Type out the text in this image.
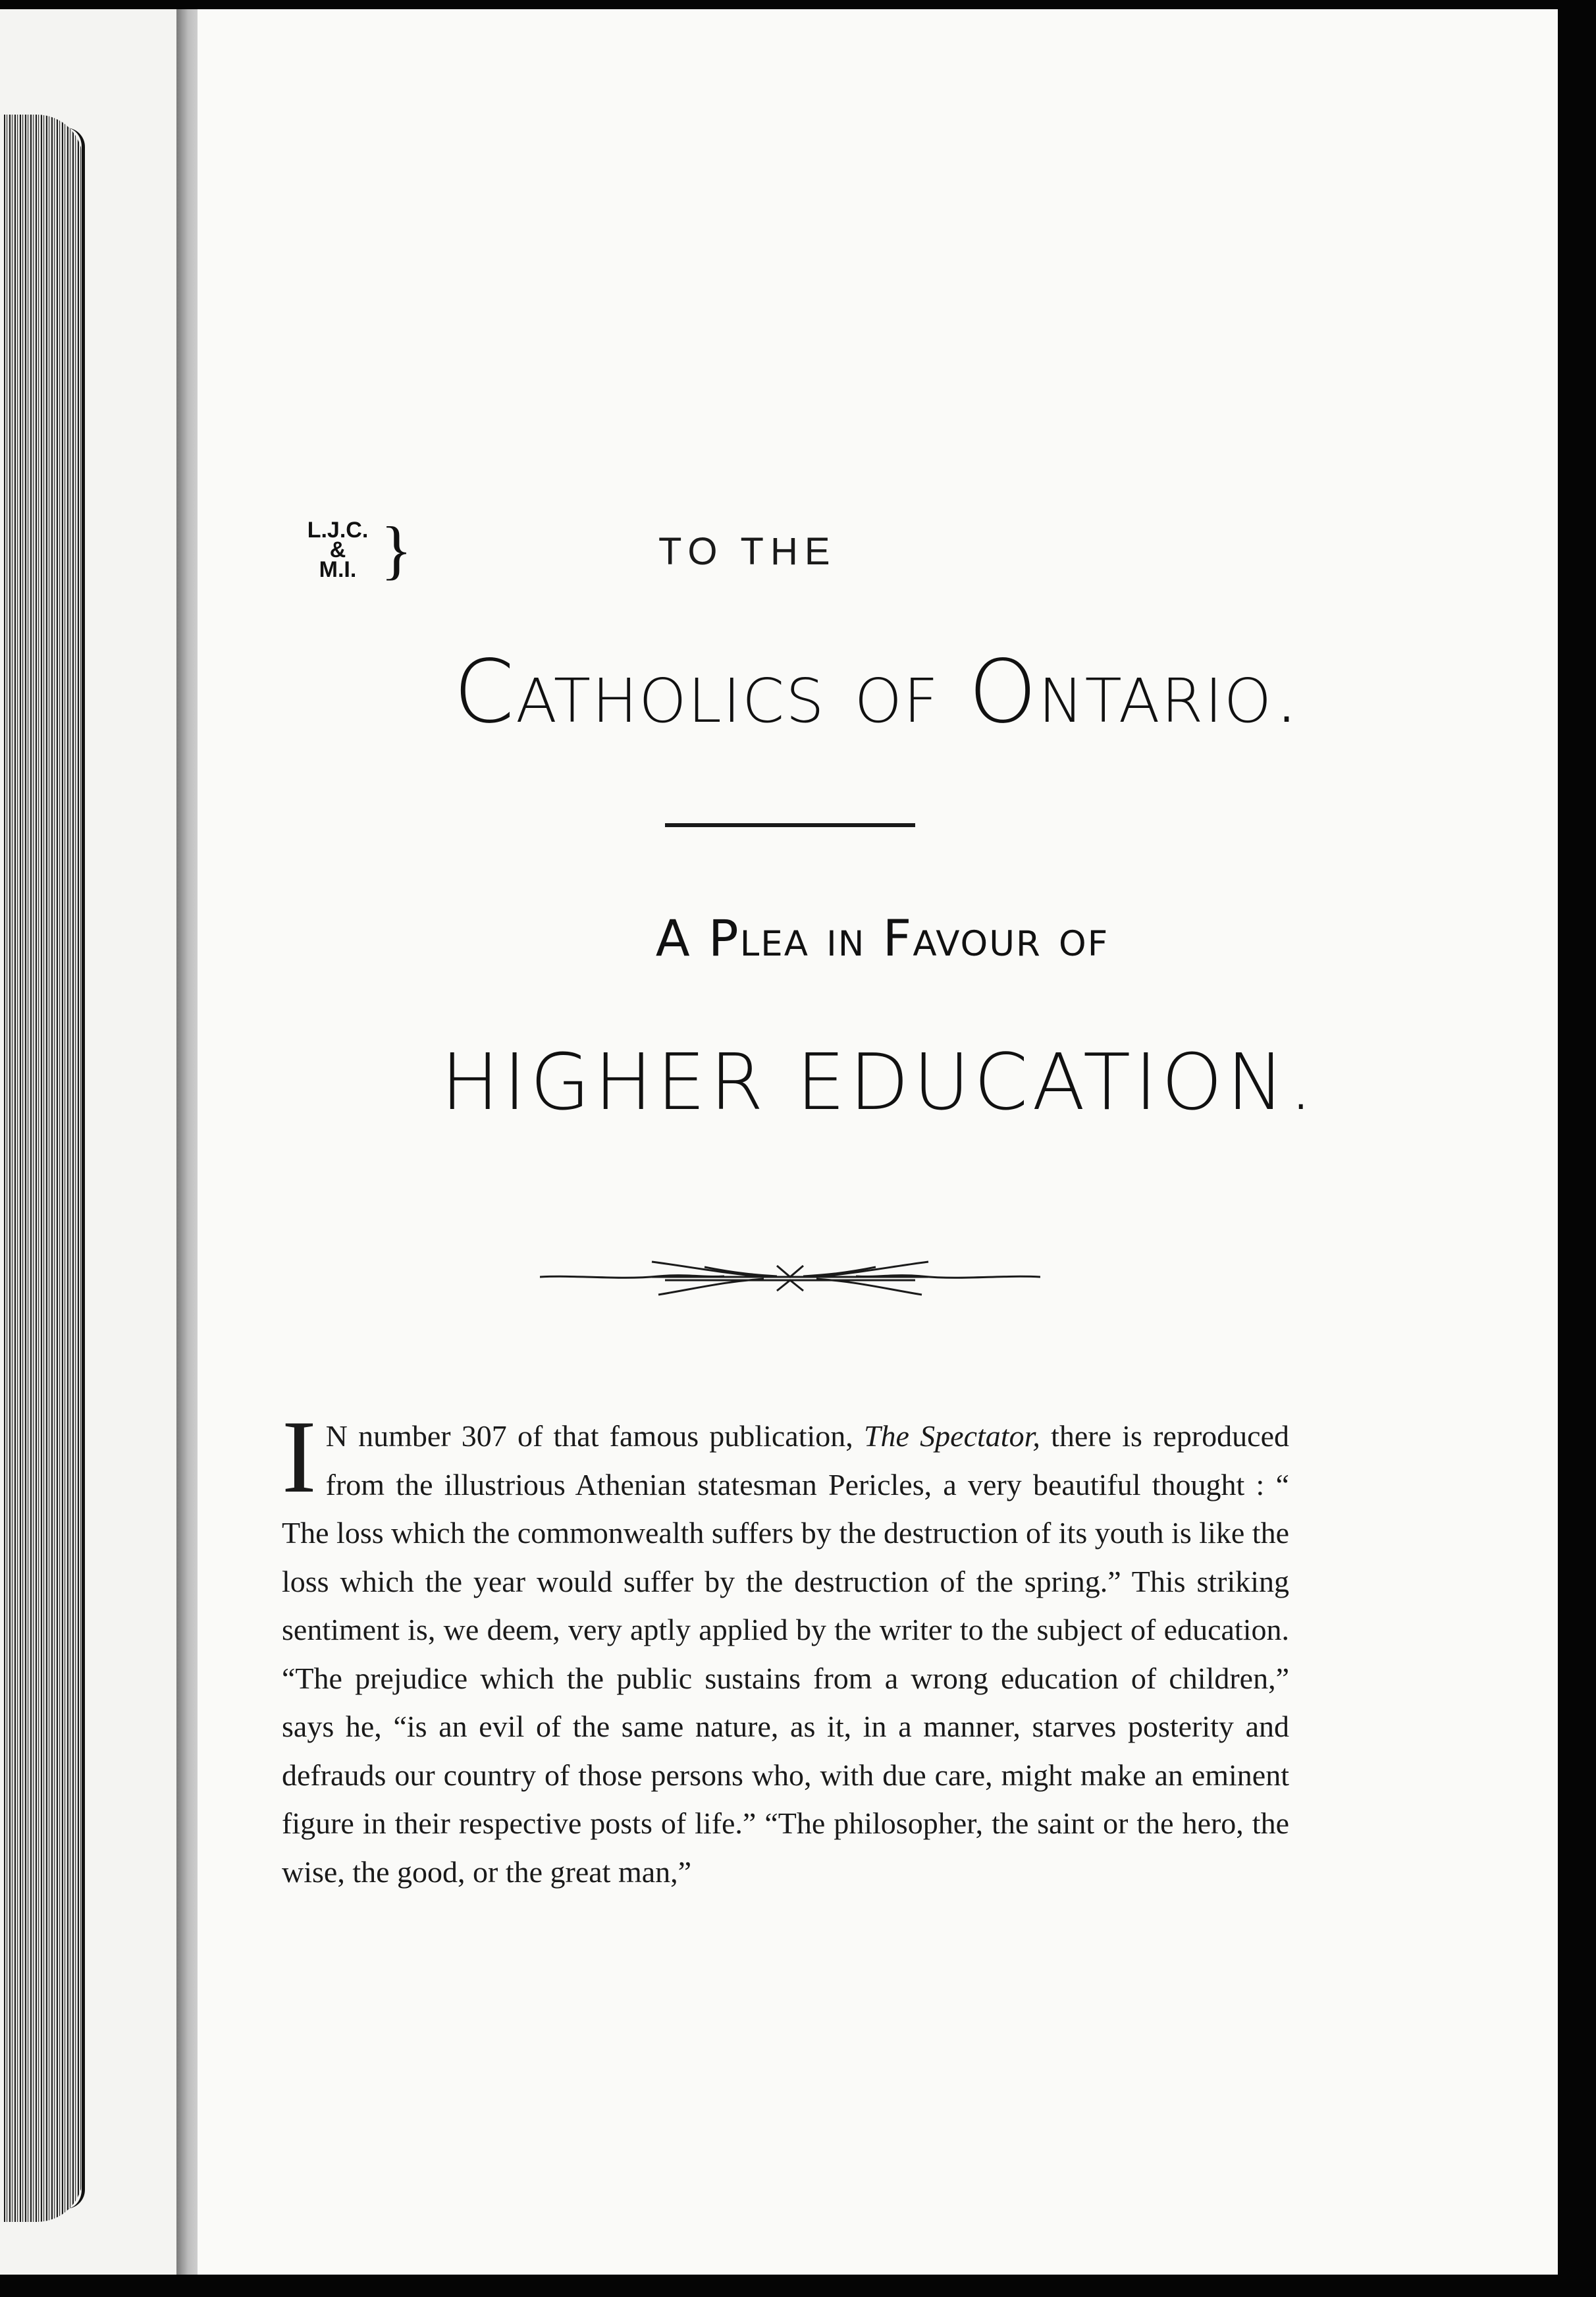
L.J.C.
&
M.I. }	TO THE
Catholics of Ontario.
A Plea in Favour of
HIGHER EDUCATION.

I N number 307 of that famous publication, The Spectator, there is reproduced from the illustrious Athenian statesman Pericles, a very beautiful thought : “ The loss which the commonwealth suffers by the destruction of its youth is like the loss which the year would suffer by the destruction of the spring.” This striking sentiment is, we deem, very aptly applied by the writer to the subject of education. “The prejudice which the public sustains from a wrong education of children,” says he, “is an evil of the same nature, as it, in a manner, starves posterity and defrauds our country of those persons who, with due care, might make an eminent figure in their respective posts of life.” “The philosopher, the saint or the hero, the wise, the good, or the great man,”
